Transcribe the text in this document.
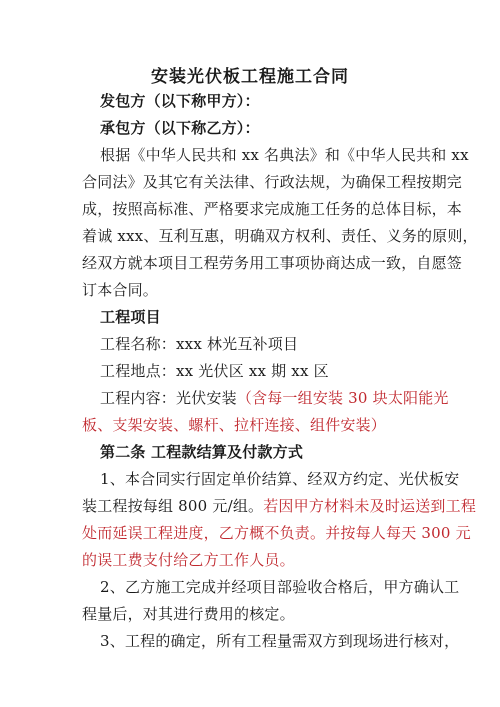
安装光伏板工程施工合同
发包方（以下称甲方）：
承包方（以下称乙方）：
根据《中华人民共和 xx 名典法》和《中华人民共和 xx
合同法》及其它有关法律、行政法规，为确保工程按期完
成，按照高标准、严格要求完成施工任务的总体目标，本
着诚 xxx、互利互惠，明确双方权利、责任、义务的原则，
经双方就本项目工程劳务用工事项协商达成一致，自愿签
订本合同。
工程项目
工程名称：xxx 林光互补项目
工程地点：xx 光伏区 xx 期 xx 区
工程内容：光伏安装（含每一组安装 30 块太阳能光
板、支架安装、螺杆、拉杆连接、组件安装）
第二条 工程款结算及付款方式
1、本合同实行固定单价结算、经双方约定、光伏板安
装工程按每组 800 元/组。若因甲方材料未及时运送到工程
处而延误工程进度，乙方概不负责。并按每人每天 300 元
的误工费支付给乙方工作人员。
2、乙方施工完成并经项目部验收合格后，甲方确认工
程量后，对其进行费用的核定。
3、工程的确定，所有工程量需双方到现场进行核对，
